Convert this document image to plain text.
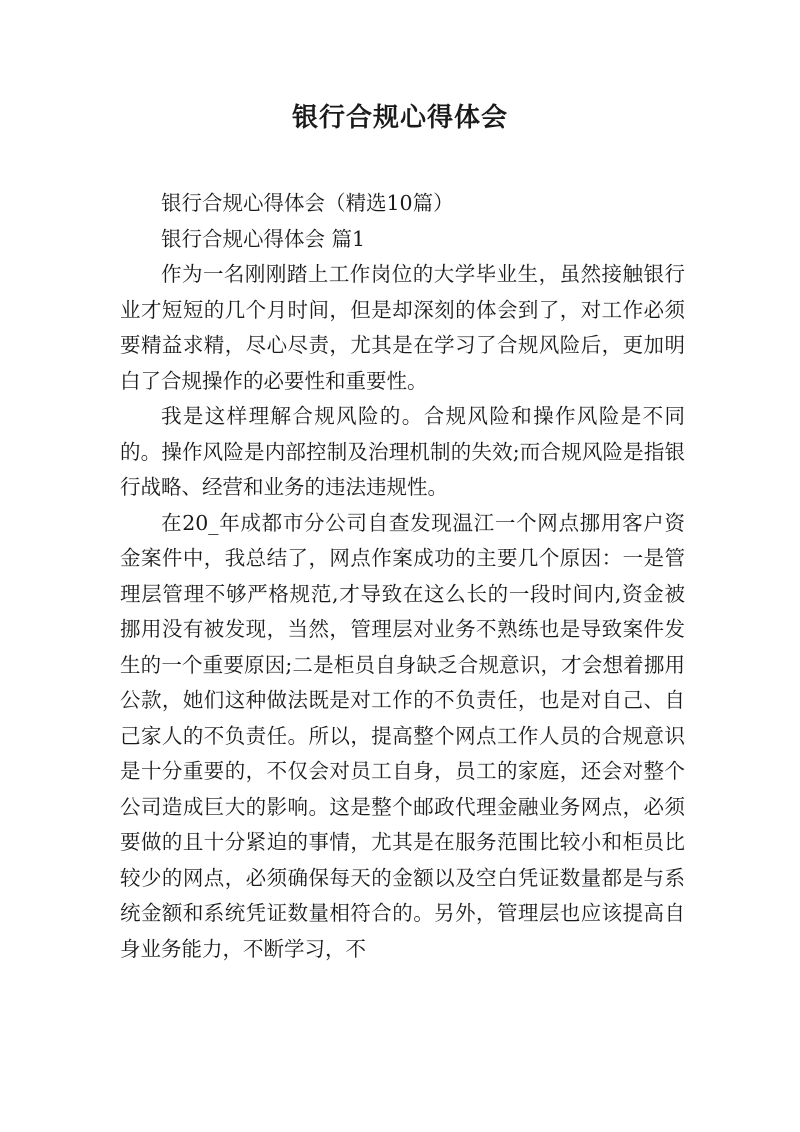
银行合规心得体会

银行合规心得体会（精选10篇）

银行合规心得体会 篇1

作为一名刚刚踏上工作岗位的大学毕业生，虽然接触银行业才短短的几个月时间，但是却深刻的体会到了，对工作必须要精益求精，尽心尽责，尤其是在学习了合规风险后，更加明白了合规操作的必要性和重要性。

我是这样理解合规风险的。合规风险和操作风险是不同的。操作风险是内部控制及治理机制的失效;而合规风险是指银行战略、经营和业务的违法违规性。

在20_年成都市分公司自查发现温江一个网点挪用客户资金案件中，我总结了，网点作案成功的主要几个原因：一是管理层管理不够严格规范,才导致在这么长的一段时间内,资金被挪用没有被发现，当然，管理层对业务不熟练也是导致案件发生的一个重要原因;二是柜员自身缺乏合规意识，才会想着挪用公款，她们这种做法既是对工作的不负责任，也是对自己、自己家人的不负责任。所以，提高整个网点工作人员的合规意识是十分重要的，不仅会对员工自身，员工的家庭，还会对整个公司造成巨大的影响。这是整个邮政代理金融业务网点，必须要做的且十分紧迫的事情，尤其是在服务范围比较小和柜员比较少的网点，必须确保每天的金额以及空白凭证数量都是与系统金额和系统凭证数量相符合的。另外，管理层也应该提高自身业务能力，不断学习，不
